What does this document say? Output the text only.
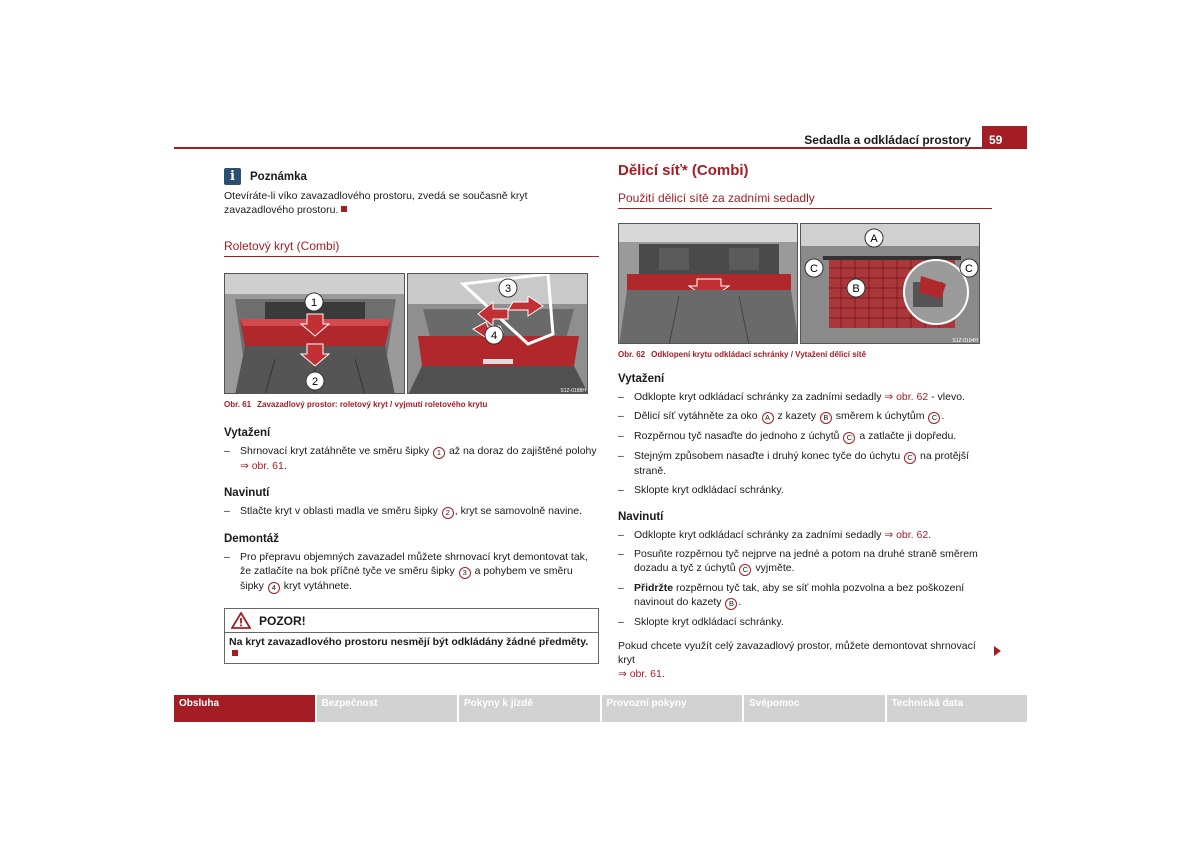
Sedadla a odkládací prostory	59
i	Poznámka
Otevíráte-li víko zavazadlového prostoru, zvedá se současně kryt zavazadlového prostoru.
Roletový kryt (Combi)
1
2
3
4
S1Z-0188H
Obr. 61 Zavazadlový prostor: roletový kryt / vyjmutí roletového krytu
Vytažení
– Shrnovací kryt zatáhněte ve směru šipky 1 až na doraz do zajištěné polohy
⇒ obr. 61.
Navinutí
– Stlačte kryt v oblasti madla ve směru šipky 2 , kryt se samovolně navine.
Demontáž
– Pro přepravu objemných zavazadel můžete shrnovací kryt demontovat tak, že zatlačíte na bok příčné tyče ve směru šipky 3 a pohybem ve směru šipky 4 kryt vytáhnete.
POZOR!
Na kryt zavazadlového prostoru nesmějí být odkládány žádné předměty.
Dělicí síť* (Combi)
Použití dělicí sítě za zadními sedadly
A
B
C	C
S1Z-0194H
Obr. 62 Odklopení krytu odkládací schránky / Vytažení dělicí sítě
Vytažení
– Odklopte kryt odkládací schránky za zadními sedadly ⇒ obr. 62 - vlevo.
– Dělicí síť vytáhněte za oko A z kazety B směrem k úchytům C .
– Rozpěrnou tyč nasaďte do jednoho z úchytů C a zatlačte ji dopředu.
– Stejným způsobem nasaďte i druhý konec tyče do úchytu C na protější straně.
– Sklopte kryt odkládací schránky.
Navinutí
– Odklopte kryt odkládací schránky za zadními sedadly ⇒ obr. 62.
– Posuňte rozpěrnou tyč nejprve na jedné a potom na druhé straně směrem dozadu a tyč z úchytů C vyjměte.
– Přidržte rozpěrnou tyč tak, aby se síť mohla pozvolna a bez poškození navinout do kazety B .
– Sklopte kryt odkládací schránky.
Pokud chcete využít celý zavazadlový prostor, můžete demontovat shrnovací kryt
⇒ obr. 61.
Obsluha	Bezpečnost	Pokyny k jízdě	Provozní pokyny	Svépomoc	Technická data
